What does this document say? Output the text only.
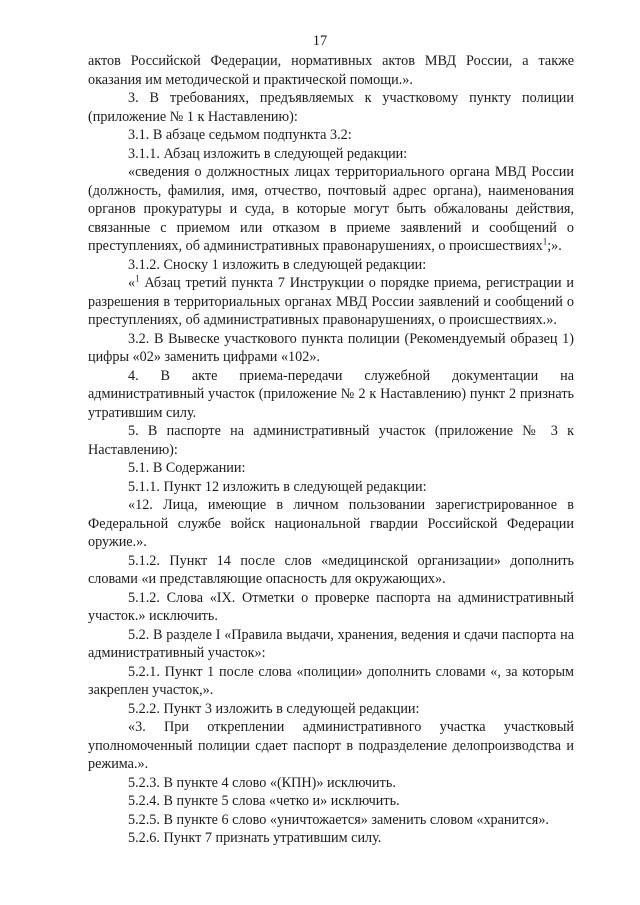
17

актов Российской Федерации, нормативных актов МВД России, а также оказания им методической и практической помощи.».

3. В требованиях, предъявляемых к участковому пункту полиции (приложение № 1 к Наставлению):

3.1. В абзаце седьмом подпункта 3.2:

3.1.1. Абзац изложить в следующей редакции:

«сведения о должностных лицах территориального органа МВД России (должность, фамилия, имя, отчество, почтовый адрес органа), наименования органов прокуратуры и суда, в которые могут быть обжалованы действия, связанные с приемом или отказом в приеме заявлений и сообщений о преступлениях, об административных правонарушениях, о происшествиях$^1$;».

3.1.2. Сноску 1 изложить в следующей редакции:

«$^1$ Абзац третий пункта 7 Инструкции о порядке приема, регистрации и разрешения в территориальных органах МВД России заявлений и сообщений о преступлениях, об административных правонарушениях, о происшествиях.».

3.2. В Вывеске участкового пункта полиции (Рекомендуемый образец 1) цифры «02» заменить цифрами «102».

4. В акте приема-передачи служебной документации на административный участок (приложение № 2 к Наставлению) пункт 2 признать утратившим силу.

5. В паспорте на административный участок (приложение № 3 к Наставлению):

5.1. В Содержании:

5.1.1. Пункт 12 изложить в следующей редакции:

«12. Лица, имеющие в личном пользовании зарегистрированное в Федеральной службе войск национальной гвардии Российской Федерации оружие.».

5.1.2. Пункт 14 после слов «медицинской организации» дополнить словами «и представляющие опасность для окружающих».

5.1.2. Слова «IX. Отметки о проверке паспорта на административный участок.» исключить.

5.2. В разделе I «Правила выдачи, хранения, ведения и сдачи паспорта на административный участок»:

5.2.1. Пункт 1 после слова «полиции» дополнить словами «, за которым закреплен участок,».

5.2.2. Пункт 3 изложить в следующей редакции:

«3. При откреплении административного участка участковый уполномоченный полиции сдает паспорт в подразделение делопроизводства и режима.».

5.2.3. В пункте 4 слово «(КПН)» исключить.

5.2.4. В пункте 5 слова «четко и» исключить.

5.2.5. В пункте 6 слово «уничтожается» заменить словом «хранится».

5.2.6. Пункт 7 признать утратившим силу.
